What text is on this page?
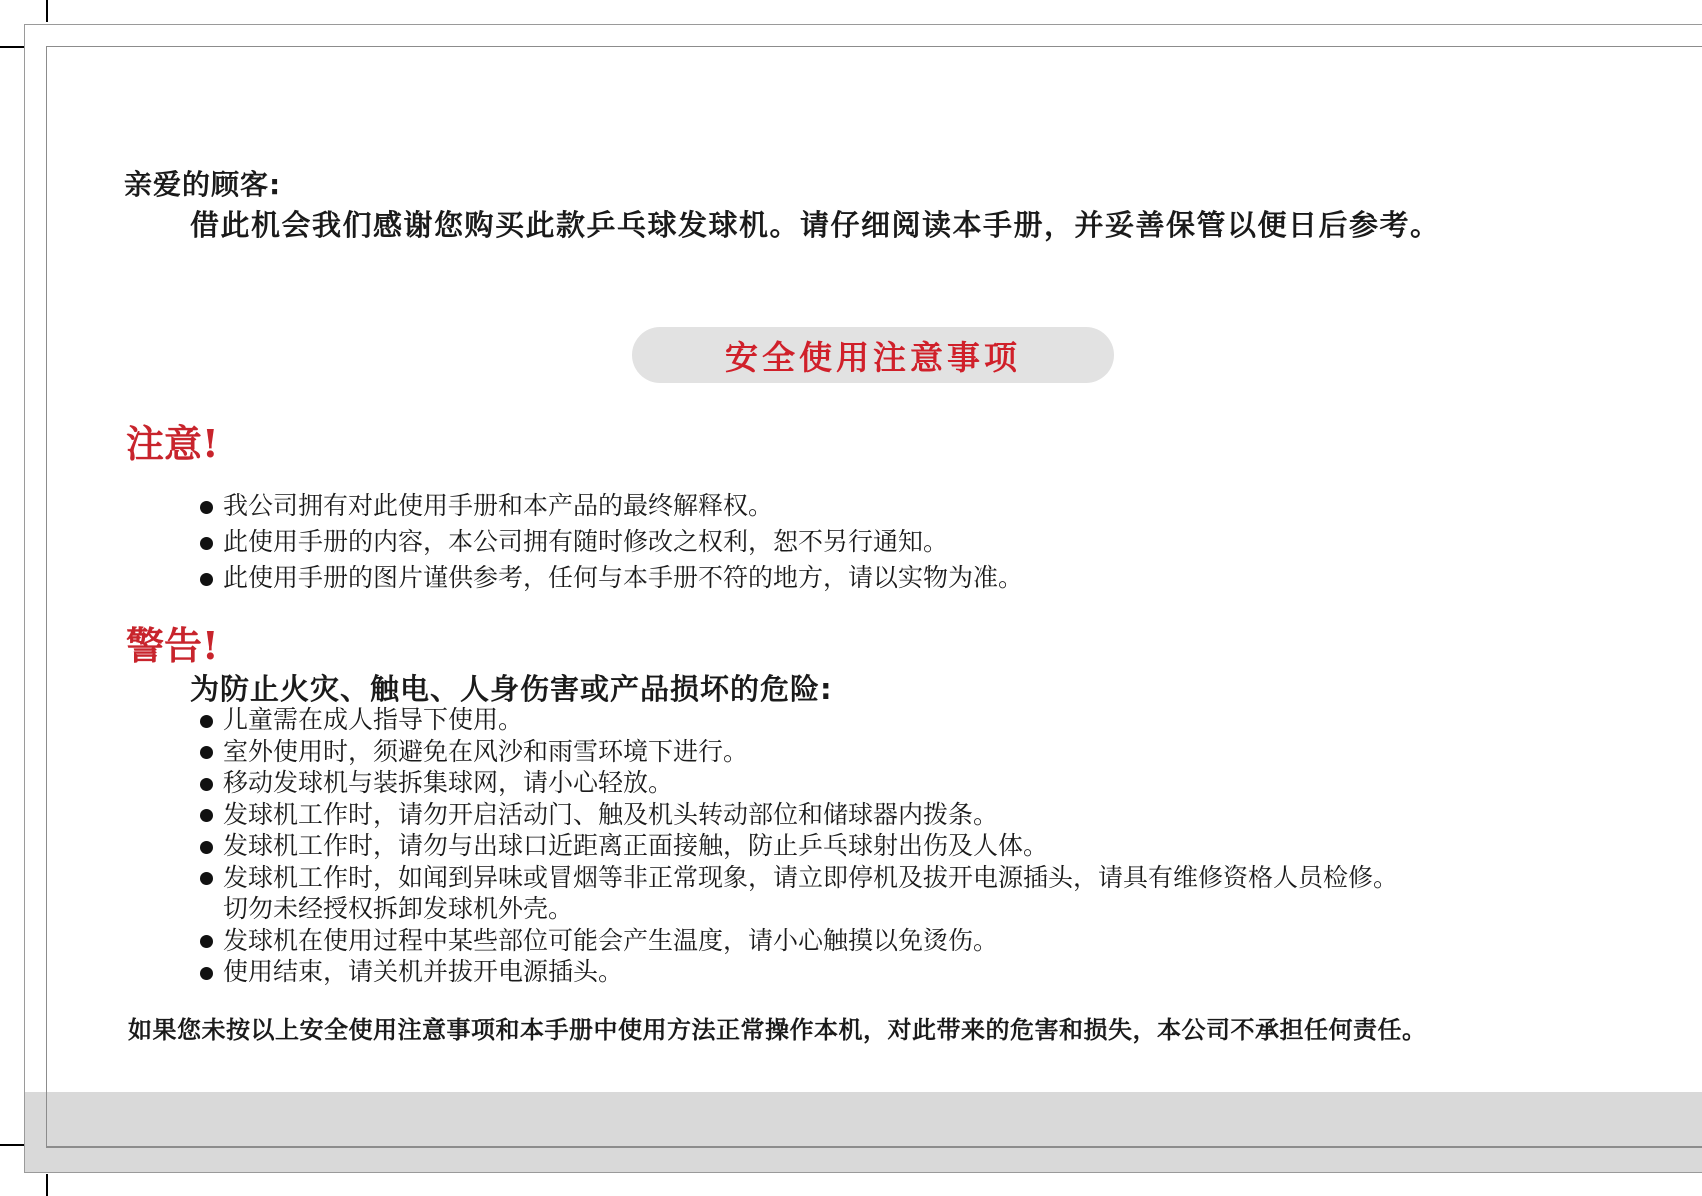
亲爱的顾客:
借此机会我们感谢您购买此款乒乓球发球机。请仔细阅读本手册，并妥善保管以便日后参考。
安全使用注意事项
注意!
我公司拥有对此使用手册和本产品的最终解释权。
此使用手册的内容，本公司拥有随时修改之权利，恕不另行通知。
此使用手册的图片谨供参考，任何与本手册不符的地方，请以实物为准。
警告!
为防止火灾、触电、人身伤害或产品损坏的危险:
儿童需在成人指导下使用。
室外使用时，须避免在风沙和雨雪环境下进行。
移动发球机与装拆集球网，请小心轻放。
发球机工作时，请勿开启活动门、触及机头转动部位和储球器内拨条。
发球机工作时，请勿与出球口近距离正面接触，防止乒乓球射出伤及人体。
发球机工作时，如闻到异味或冒烟等非正常现象，请立即停机及拔开电源插头，请具有维修资格人员检修。
切勿未经授权拆卸发球机外壳。
发球机在使用过程中某些部位可能会产生温度，请小心触摸以免烫伤。
使用结束，请关机并拔开电源插头。
如果您未按以上安全使用注意事项和本手册中使用方法正常操作本机，对此带来的危害和损失，本公司不承担任何责任。
